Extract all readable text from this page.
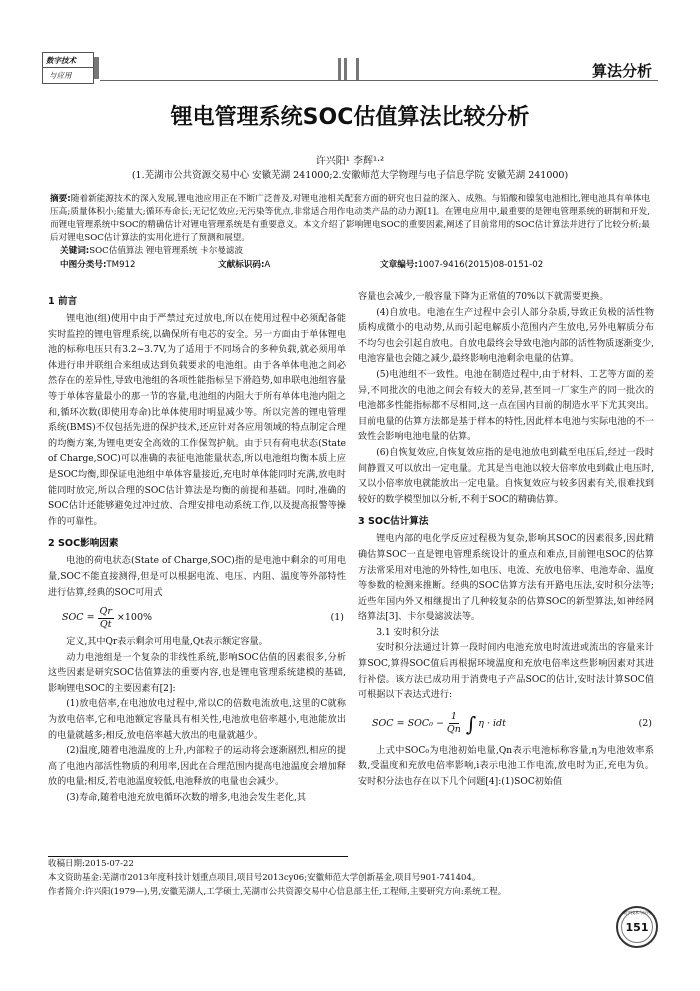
数字技术
与应用	算法分析
锂电管理系统SOC估值算法比较分析
许兴阳¹ 李辉¹·²
(1.芜湖市公共资源交易中心 安徽芜湖 241000;2.安徽师范大学物理与电子信息学院 安徽芜湖 241000)
摘要:随着新能源技术的深入发展,锂电池应用正在不断广泛普及,对锂电池相关配套方面的研究也日益的深入、成熟。与铅酸和镍氢电池相比,锂电池具有单体电压高;质量体积小;能量大;循环寿命长;无记忆效应;无污染等优点,非常适合用作电动类产品的动力源[1]。在锂电应用中,最重要的是锂电管理系统的研制和开发,而锂电管理系统中SOC的精确估计对锂电管理系统是有重要意义。本文介绍了影响锂电SOC的重要因素,阐述了目前常用的SOC估计算法并进行了比较分析;最后对锂电SOC估计算法的实用化进行了预测和展望。
关键词:SOC估值算法 锂电管理系统 卡尔曼滤波
中图分类号:TM912	文献标识码:A	文章编号:1007-9416(2015)08-0151-02
1 前言

锂电池(组)使用中由于严禁过充过放电,所以在使用过程中必须配备能实时监控的锂电管理系统,以确保所有电芯的安全。另一方面由于单体锂电池的标称电压只有3.2~3.7V,为了适用于不同场合的多种负载,就必须用单体进行串并联组合来组成达到负载要求的电池组。由于各单体电池之间必然存在的差异性,导致电池组的各项性能指标呈下滑趋势,如串联电池组容量等于单体容量最小的那一节的容量,电池组的内阻大于所有单体电池内阻之和,循环次数(即使用寿命)比单体使用时明显减少等。所以完善的锂电管理系统(BMS)不仅包括先进的保护技术,还应针对各应用领域的特点制定合理的均衡方案,为锂电更安全高效的工作保驾护航。由于只有荷电状态(State of Charge,SOC)可以准确的表征电池能量状态,所以电池组均衡本质上应是SOC均衡,即保证电池组中单体容量接近,充电时单体能同时充满,放电时能同时放完,所以合理的SOC估计算法是均衡的前提和基础。同时,准确的SOC估计还能够避免过冲过放、合理安排电动系统工作,以及提高报警等操作的可靠性。

2 SOC影响因素

电池的荷电状态(State of Charge,SOC)指的是电池中剩余的可用电量,SOC不能直接测得,但是可以根据电流、电压、内阻、温度等外部特性进行估算,经典的SOC可用式

SOC = $\frac{Qr}{Qt} \times 100\%$	(1)

定义,其中Qr表示剩余可用电量,Qt表示额定容量。

动力电池组是一个复杂的非线性系统,影响SOC估值的因素很多,分析这些因素是研究SOC估值算法的重要内容,也是锂电管理系统建模的基础,影响锂电SOC的主要因素有[2]:

(1)放电倍率,在电池放电过程中,常以C的倍数电流放电,这里的C就称为放电倍率,它和电池额定容量具有相关性,电池放电倍率越小,电池能放出的电量就越多;相反,放电倍率越大放出的电量就越少。

(2)温度,随着电池温度的上升,内部粒子的运动将会逐渐剧烈,相应的提高了电池内部活性物质的利用率,因此在合理范围内提高电池温度会增加释放的电量;相反,若电池温度较低,电池释放的电量也会减少。

(3)寿命,随着电池充放电循环次数的增多,电池会发生老化,其

容量也会减少,一般容量下降为正常值的70%以下就需要更换。

(4)自放电。电池在生产过程中会引人部分杂质,导致正负极的活性物质构成微小的电动势,从而引起电解质小范围内产生放电,另外电解质分布不均匀也会引起自放电。自放电最终会导致电池内部的活性物质逐渐变少,电池容量也会随之减少,最终影响电池剩余电量的估算。

(5)电池组不一致性。电池在制造过程中,由于材料、工艺等方面的差异,不同批次的电池之间会有较大的差异,甚至同一厂家生产的同一批次的电池都多性能指标都不尽相同,这一点在国内目前的制造水平下尤其突出。目前电量的估算方法都是基于样本的特性,因此样本电池与实际电池的不一致性会影响电池电量的估算。

(6)自恢复效应,自恢复效应指的是电池放电到截至电压后,经过一段时间静置又可以放出一定电量。尤其是当电池以较大倍率放电到截止电压时,又以小倍率放电就能放出一定电量。自恢复效应与较多因素有关,很难找到较好的数学模型加以分析,不利于SOC的精确估算。

3 SOC估计算法

锂电内部的电化学反应过程极为复杂,影响其SOC的因素很多,因此精确估算SOC一直是锂电管理系统设计的重点和难点,目前锂电SOC的估算方法常采用对电池的外特性,如电压、电流、充放电倍率、电池寿命、温度等参数的检测来推断。经典的SOC估算方法有开路电压法,安时积分法等;近些年国内外又相继提出了几种较复杂的估算SOC的新型算法,如神经网络算法[3]、卡尔曼滤波法等。

3.1 安时积分法

安时积分法通过计算一段时间内电池充放电时流进或流出的容量来计算SOC,算得SOC值后再根据环境温度和充放电倍率这些影响因素对其进行补偿。该方法已成功用于消费电子产品SOC的估计,安时法计算SOC值可根据以下表达式进行:

SOC = $SOC_0 - \frac{1}{Qn}$ ∫ η · idt	(2)

上式中SOC₀为电池初始电量,Qn表示电池标称容量,η为电池效率系数,受温度和充放电倍率影响,i表示电池工作电流,放电时为正,充电为负。安时积分法也存在以下几个问题[4]:(1)SOC初始值

收稿日期:2015-07-22
本文资助基金:芜湖市2013年度科技计划重点项目,项目号2013cy06;安徽师范大学创新基金,项目号901-741404。
作者简介:许兴阳(1979—),男,安徽芜湖人,工学硕士,芜湖市公共资源交易中心信息部主任,工程师,主要研究方向:系统工程。
数字技术与应用
151
